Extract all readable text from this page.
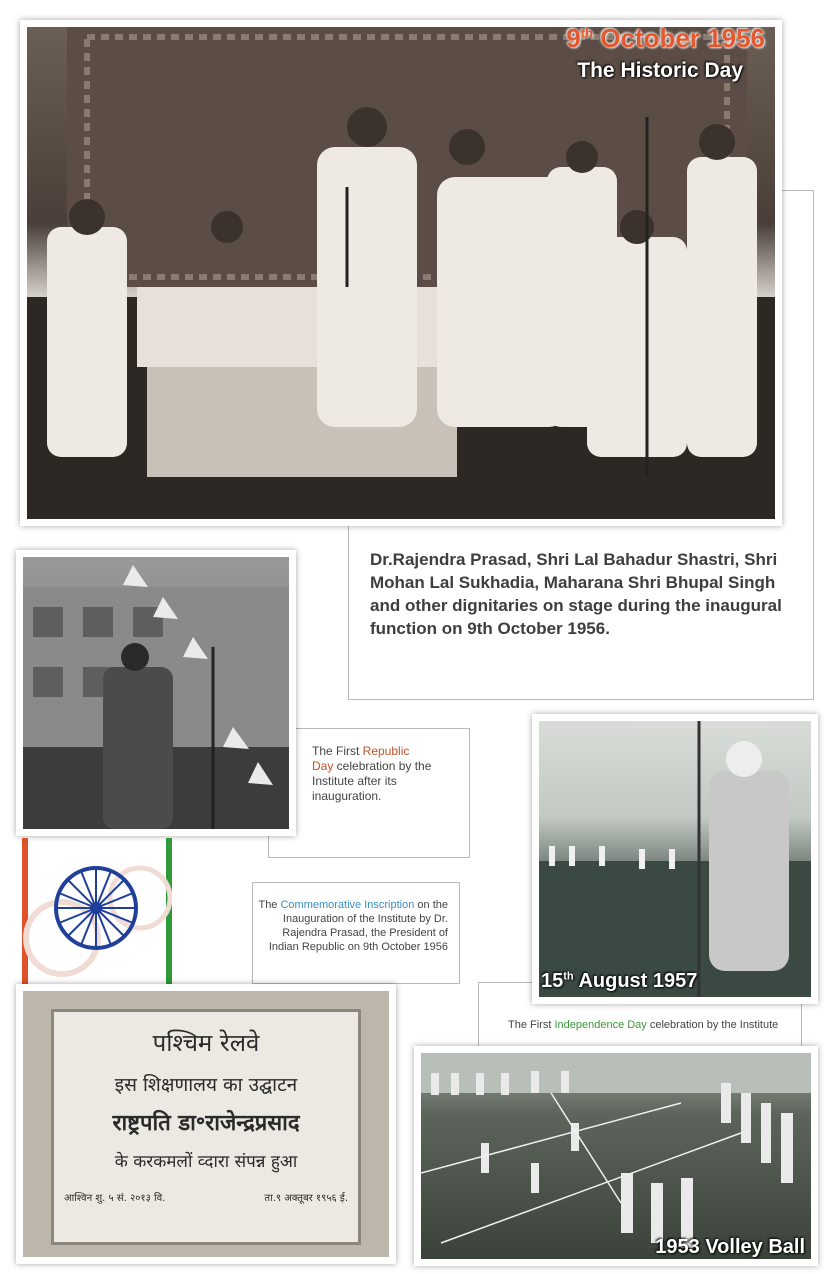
9th October 1956
The Historic Day
Dr.Rajendra Prasad, Shri Lal Bahadur Shastri, Shri Mohan Lal Sukhadia, Maharana Shri Bhupal Singh and other dignitaries on stage during the inaugural function on 9th October 1956.
The First Republic
Day celebration by the Institute after its inauguration.
The Commemorative Inscription on the Inauguration of the Institute by Dr. Rajendra Prasad, the President of Indian Republic on 9th October 1956
15th August 1957
The First Independence Day celebration by the Institute
पश्चिम रेलवे
इस शिक्षणालय का उद्घाटन
राष्ट्रपति डा॰राजेन्द्रप्रसाद
के करकमलों व्दारा संपन्न हुआ
आश्विन शु. ५ सं. २०१३ वि.	ता.९ अक्तूबर १९५६ ई.
1953 Volley Ball
